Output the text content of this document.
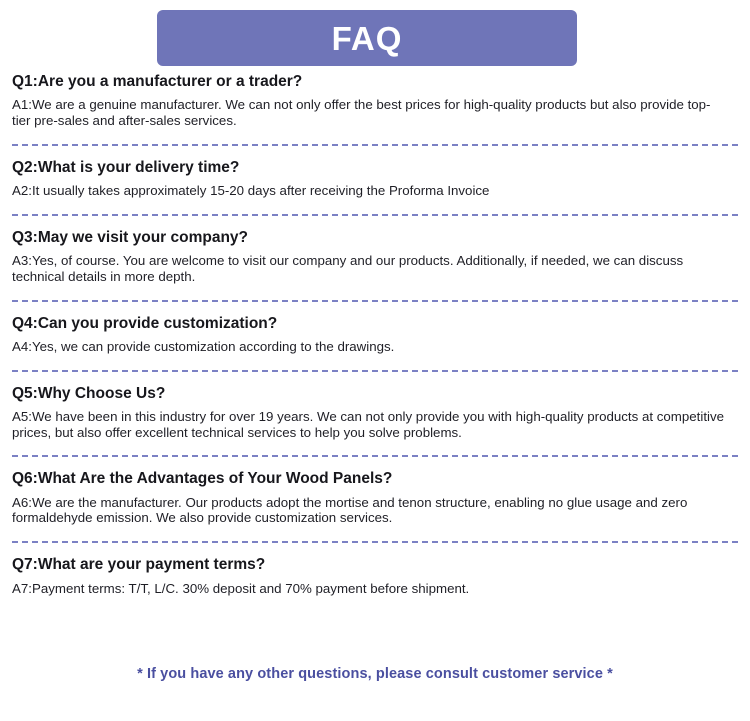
FAQ

Q1:Are you a manufacturer or a trader?

A1:We are a genuine manufacturer. We can not only offer the best prices for high-quality products but also provide top-tier pre-sales and after-sales services.

Q2:What is your delivery time?

A2:It usually takes approximately 15-20 days after receiving the Proforma Invoice

Q3:May we visit your company?

A3:Yes, of course. You are welcome to visit our company and our products. Additionally, if needed, we can discuss technical details in more depth.

Q4:Can you provide customization?

A4:Yes, we can provide customization according to the drawings.

Q5:Why Choose Us?

A5:We have been in this industry for over 19 years. We can not only provide you with high-quality products at competitive prices, but also offer excellent technical services to help you solve problems.

Q6:What Are the Advantages of Your Wood Panels?

A6:We are the manufacturer. Our products adopt the mortise and tenon structure, enabling no glue usage and zero formaldehyde emission. We also provide customization services.

Q7:What are your payment terms?

A7:Payment terms: T/T, L/C. 30% deposit and 70% payment before shipment.

* If you have any other questions, please consult customer service *
